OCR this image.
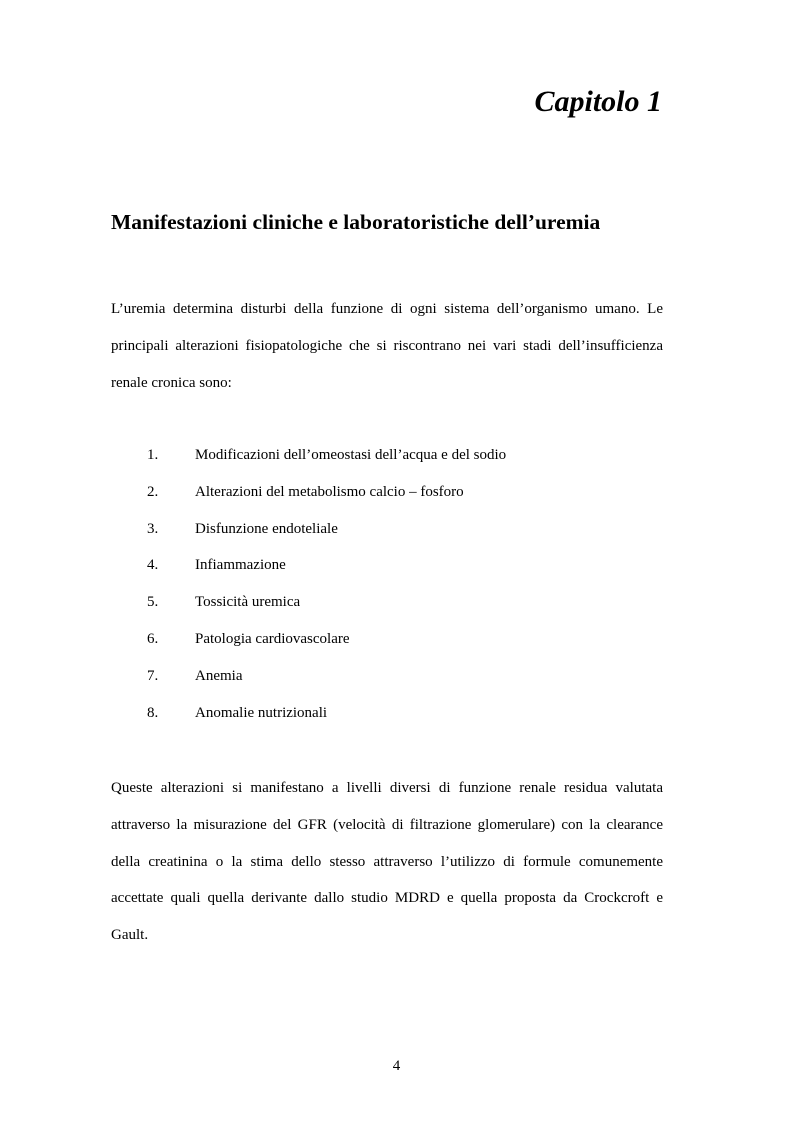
Capitolo 1
Manifestazioni cliniche e laboratoristiche dell’uremia

L’uremia determina disturbi della funzione di ogni sistema dell’organismo umano. Le principali alterazioni fisiopatologiche che si riscontrano nei vari stadi dell’insufficienza renale cronica sono:

1. Modificazioni dell’omeostasi dell’acqua e del sodio
2. Alterazioni del metabolismo calcio – fosforo
3. Disfunzione endoteliale
4. Infiammazione
5. Tossicità uremica
6. Patologia cardiovascolare
7. Anemia
8. Anomalie nutrizionali

Queste alterazioni si manifestano a livelli diversi di funzione renale residua valutata attraverso la misurazione del GFR (velocità di filtrazione glomerulare) con la clearance della creatinina o la stima dello stesso attraverso l’utilizzo di formule comunemente accettate quali quella derivante dallo studio MDRD e quella proposta da Crockcroft e Gault.

4
